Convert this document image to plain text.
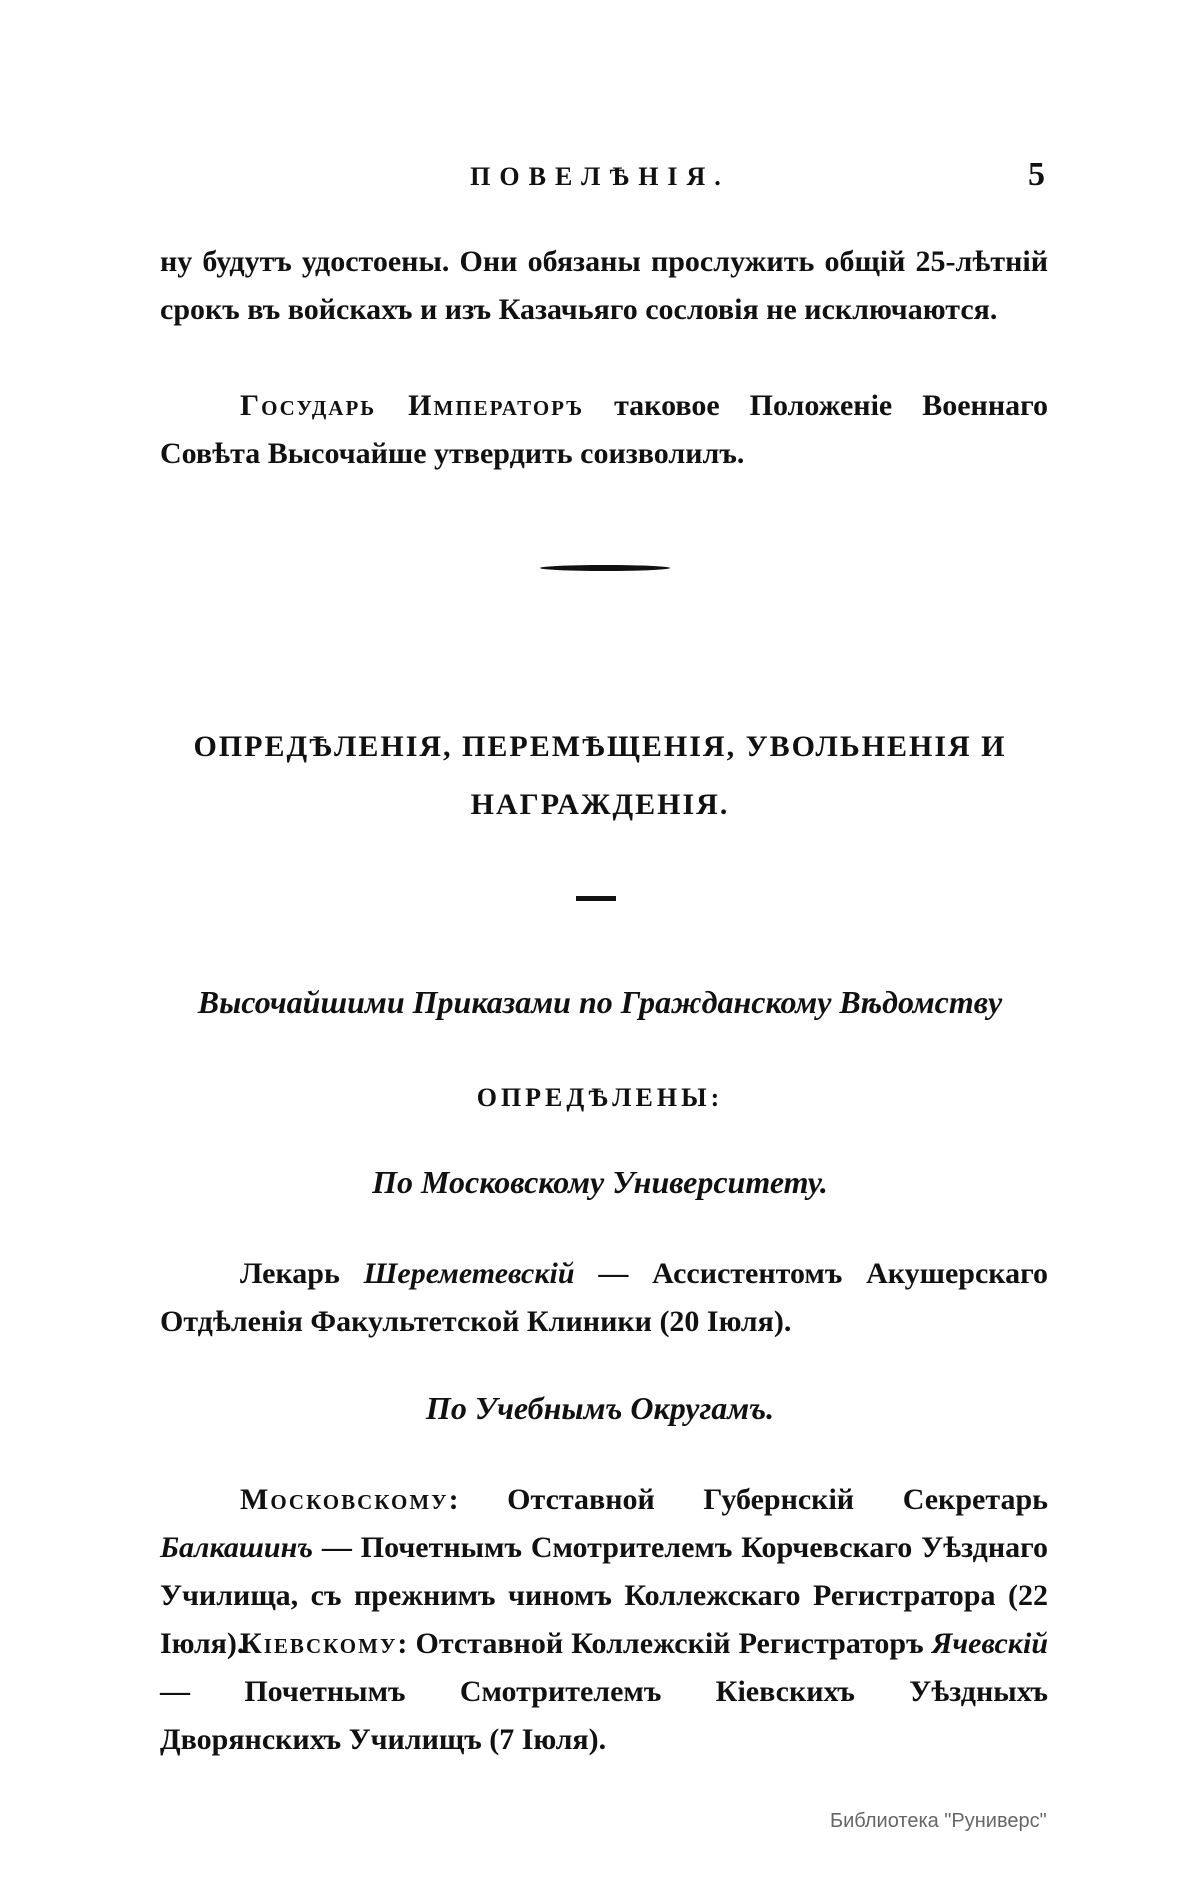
ПОВЕЛѢНІЯ.	5

ну будутъ удостоены. Они обязаны прослужить общій 25-лѣтній срокъ въ войскахъ и изъ Казачьяго сословія не исключаются.

Государь Императоръ таковое Положеніе Военнаго Совѣта Высочайше утвердить соизволилъ.

ОПРЕДѢЛЕНІЯ, ПЕРЕМѢЩЕНІЯ, УВОЛЬНЕНІЯ И
НАГРАЖДЕНІЯ.
Высочайшими Приказами по Гражданскому Вѣдомству
ОПРЕДѢЛЕНЫ:
По Московскому Университету.

Лекарь Шереметевскій — Ассистентомъ Акушерскаго Отдѣленія Факультетской Клиники (20 Іюля).

По Учебнымъ Округамъ.

Московскому: Отставной Губернскій Секретарь Балкашинъ — Почетнымъ Смотрителемъ Корчевскаго Уѣзднаго Училища, съ прежнимъ чиномъ Коллежскаго Регистратора (22 Іюля).

Кіевскому: Отставной Коллежскій Регистраторъ Ячевскій — Почетнымъ Смотрителемъ Кіевскихъ Уѣздныхъ Дворянскихъ Училищъ (7 Іюля).

Библиотека "Руниверс"
